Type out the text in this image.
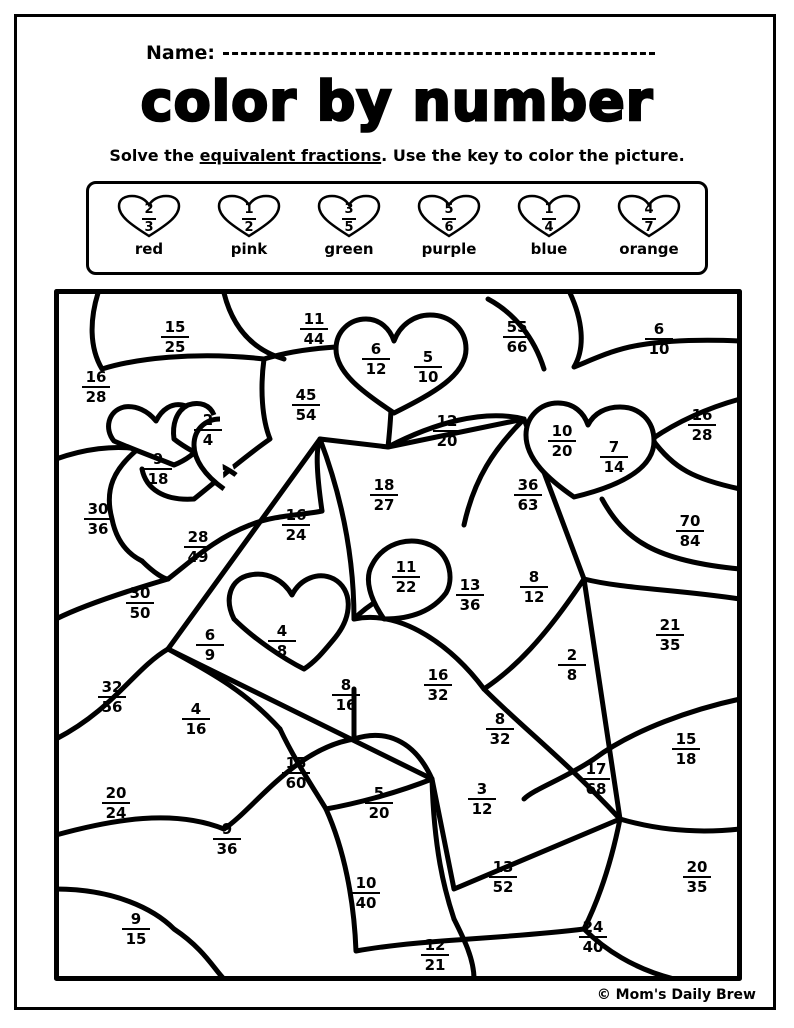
Name:
color by number
Solve the equivalent fractions. Use the key to color the picture.
2
3
red
1
2
pink
3
5
green
5
6
purple
1
4
blue
4
7
orange
15
25
11
44
6
12
5
10
55
66
6
10
16
28	45
54	12
20
2
4	10
20	7
14
16
28
9
18	18
27
36
63
30
36
16
24
70
84
28
49
11
22	13
36
8
12
30
50
21
35
6
9
4
8	2
8
32
56
8
16
16
32
4
16
8
32	15
18
15
60
17
68
20
24
5
20
3
12
9
36
20
35
13
52
10
40
9
15
24
40
12
21
© Mom's Daily Brew
